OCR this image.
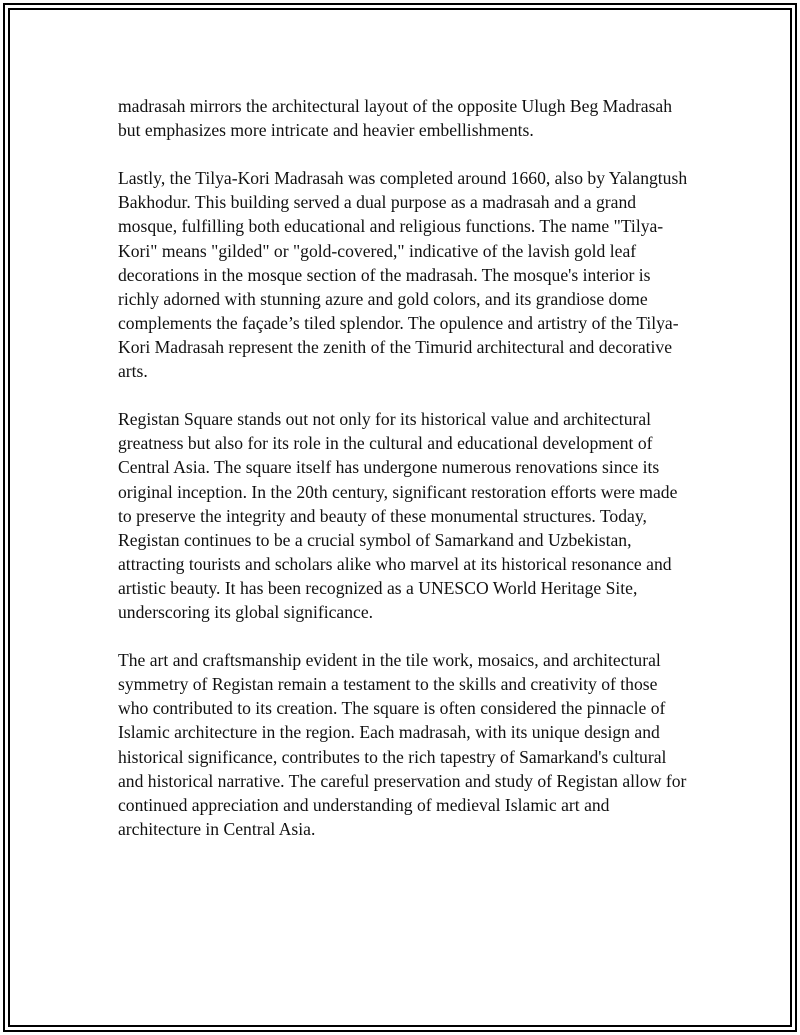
madrasah mirrors the architectural layout of the opposite Ulugh Beg Madrasah but emphasizes more intricate and heavier embellishments.

Lastly, the Tilya-Kori Madrasah was completed around 1660, also by Yalangtush Bakhodur. This building served a dual purpose as a madrasah and a grand mosque, fulfilling both educational and religious functions. The name "Tilya-Kori" means "gilded" or "gold-covered," indicative of the lavish gold leaf decorations in the mosque section of the madrasah. The mosque's interior is richly adorned with stunning azure and gold colors, and its grandiose dome complements the façade’s tiled splendor. The opulence and artistry of the Tilya-Kori Madrasah represent the zenith of the Timurid architectural and decorative arts.

Registan Square stands out not only for its historical value and architectural greatness but also for its role in the cultural and educational development of Central Asia. The square itself has undergone numerous renovations since its original inception. In the 20th century, significant restoration efforts were made to preserve the integrity and beauty of these monumental structures. Today, Registan continues to be a crucial symbol of Samarkand and Uzbekistan, attracting tourists and scholars alike who marvel at its historical resonance and artistic beauty. It has been recognized as a UNESCO World Heritage Site, underscoring its global significance.

The art and craftsmanship evident in the tile work, mosaics, and architectural symmetry of Registan remain a testament to the skills and creativity of those who contributed to its creation. The square is often considered the pinnacle of Islamic architecture in the region. Each madrasah, with its unique design and historical significance, contributes to the rich tapestry of Samarkand's cultural and historical narrative. The careful preservation and study of Registan allow for continued appreciation and understanding of medieval Islamic art and architecture in Central Asia.
